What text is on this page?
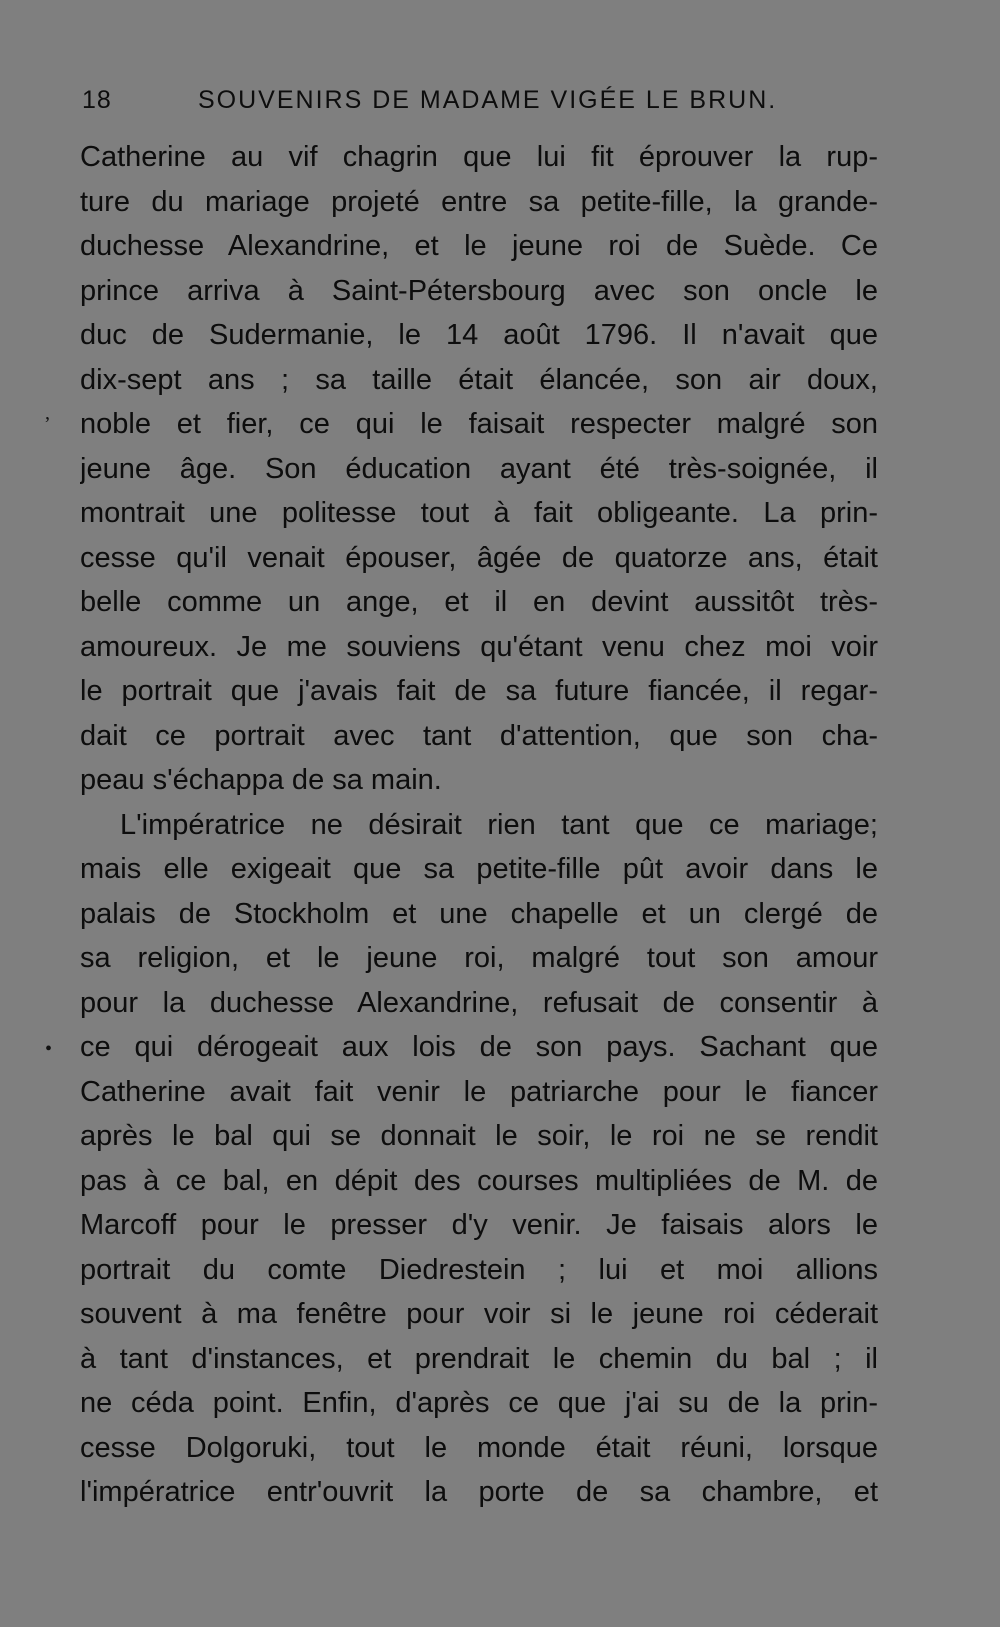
18	SOUVENIRS DE MADAME VIGÉE LE BRUN.
,
•
Catherine au vif chagrin que lui fit éprouver la rup-
ture du mariage projeté entre sa petite-fille, la grande-
duchesse Alexandrine, et le jeune roi de Suède. Ce
prince arriva à Saint-Pétersbourg avec son oncle le
duc de Sudermanie, le 14 août 1796. Il n'avait que
dix-sept ans ; sa taille était élancée, son air doux,
noble et fier, ce qui le faisait respecter malgré son
jeune âge. Son éducation ayant été très-soignée, il
montrait une politesse tout à fait obligeante. La prin-
cesse qu'il venait épouser, âgée de quatorze ans, était
belle comme un ange, et il en devint aussitôt très-
amoureux. Je me souviens qu'étant venu chez moi voir
le portrait que j'avais fait de sa future fiancée, il regar-
dait ce portrait avec tant d'attention, que son cha-
peau s'échappa de sa main.
L'impératrice ne désirait rien tant que ce mariage;
mais elle exigeait que sa petite-fille pût avoir dans le
palais de Stockholm et une chapelle et un clergé de
sa religion, et le jeune roi, malgré tout son amour
pour la duchesse Alexandrine, refusait de consentir à
ce qui dérogeait aux lois de son pays. Sachant que
Catherine avait fait venir le patriarche pour le fiancer
après le bal qui se donnait le soir, le roi ne se rendit
pas à ce bal, en dépit des courses multipliées de M. de
Marcoff pour le presser d'y venir. Je faisais alors le
portrait du comte Diedrestein ; lui et moi allions
souvent à ma fenêtre pour voir si le jeune roi céderait
à tant d'instances, et prendrait le chemin du bal ; il
ne céda point. Enfin, d'après ce que j'ai su de la prin-
cesse Dolgoruki, tout le monde était réuni, lorsque
l'impératrice entr'ouvrit la porte de sa chambre, et
